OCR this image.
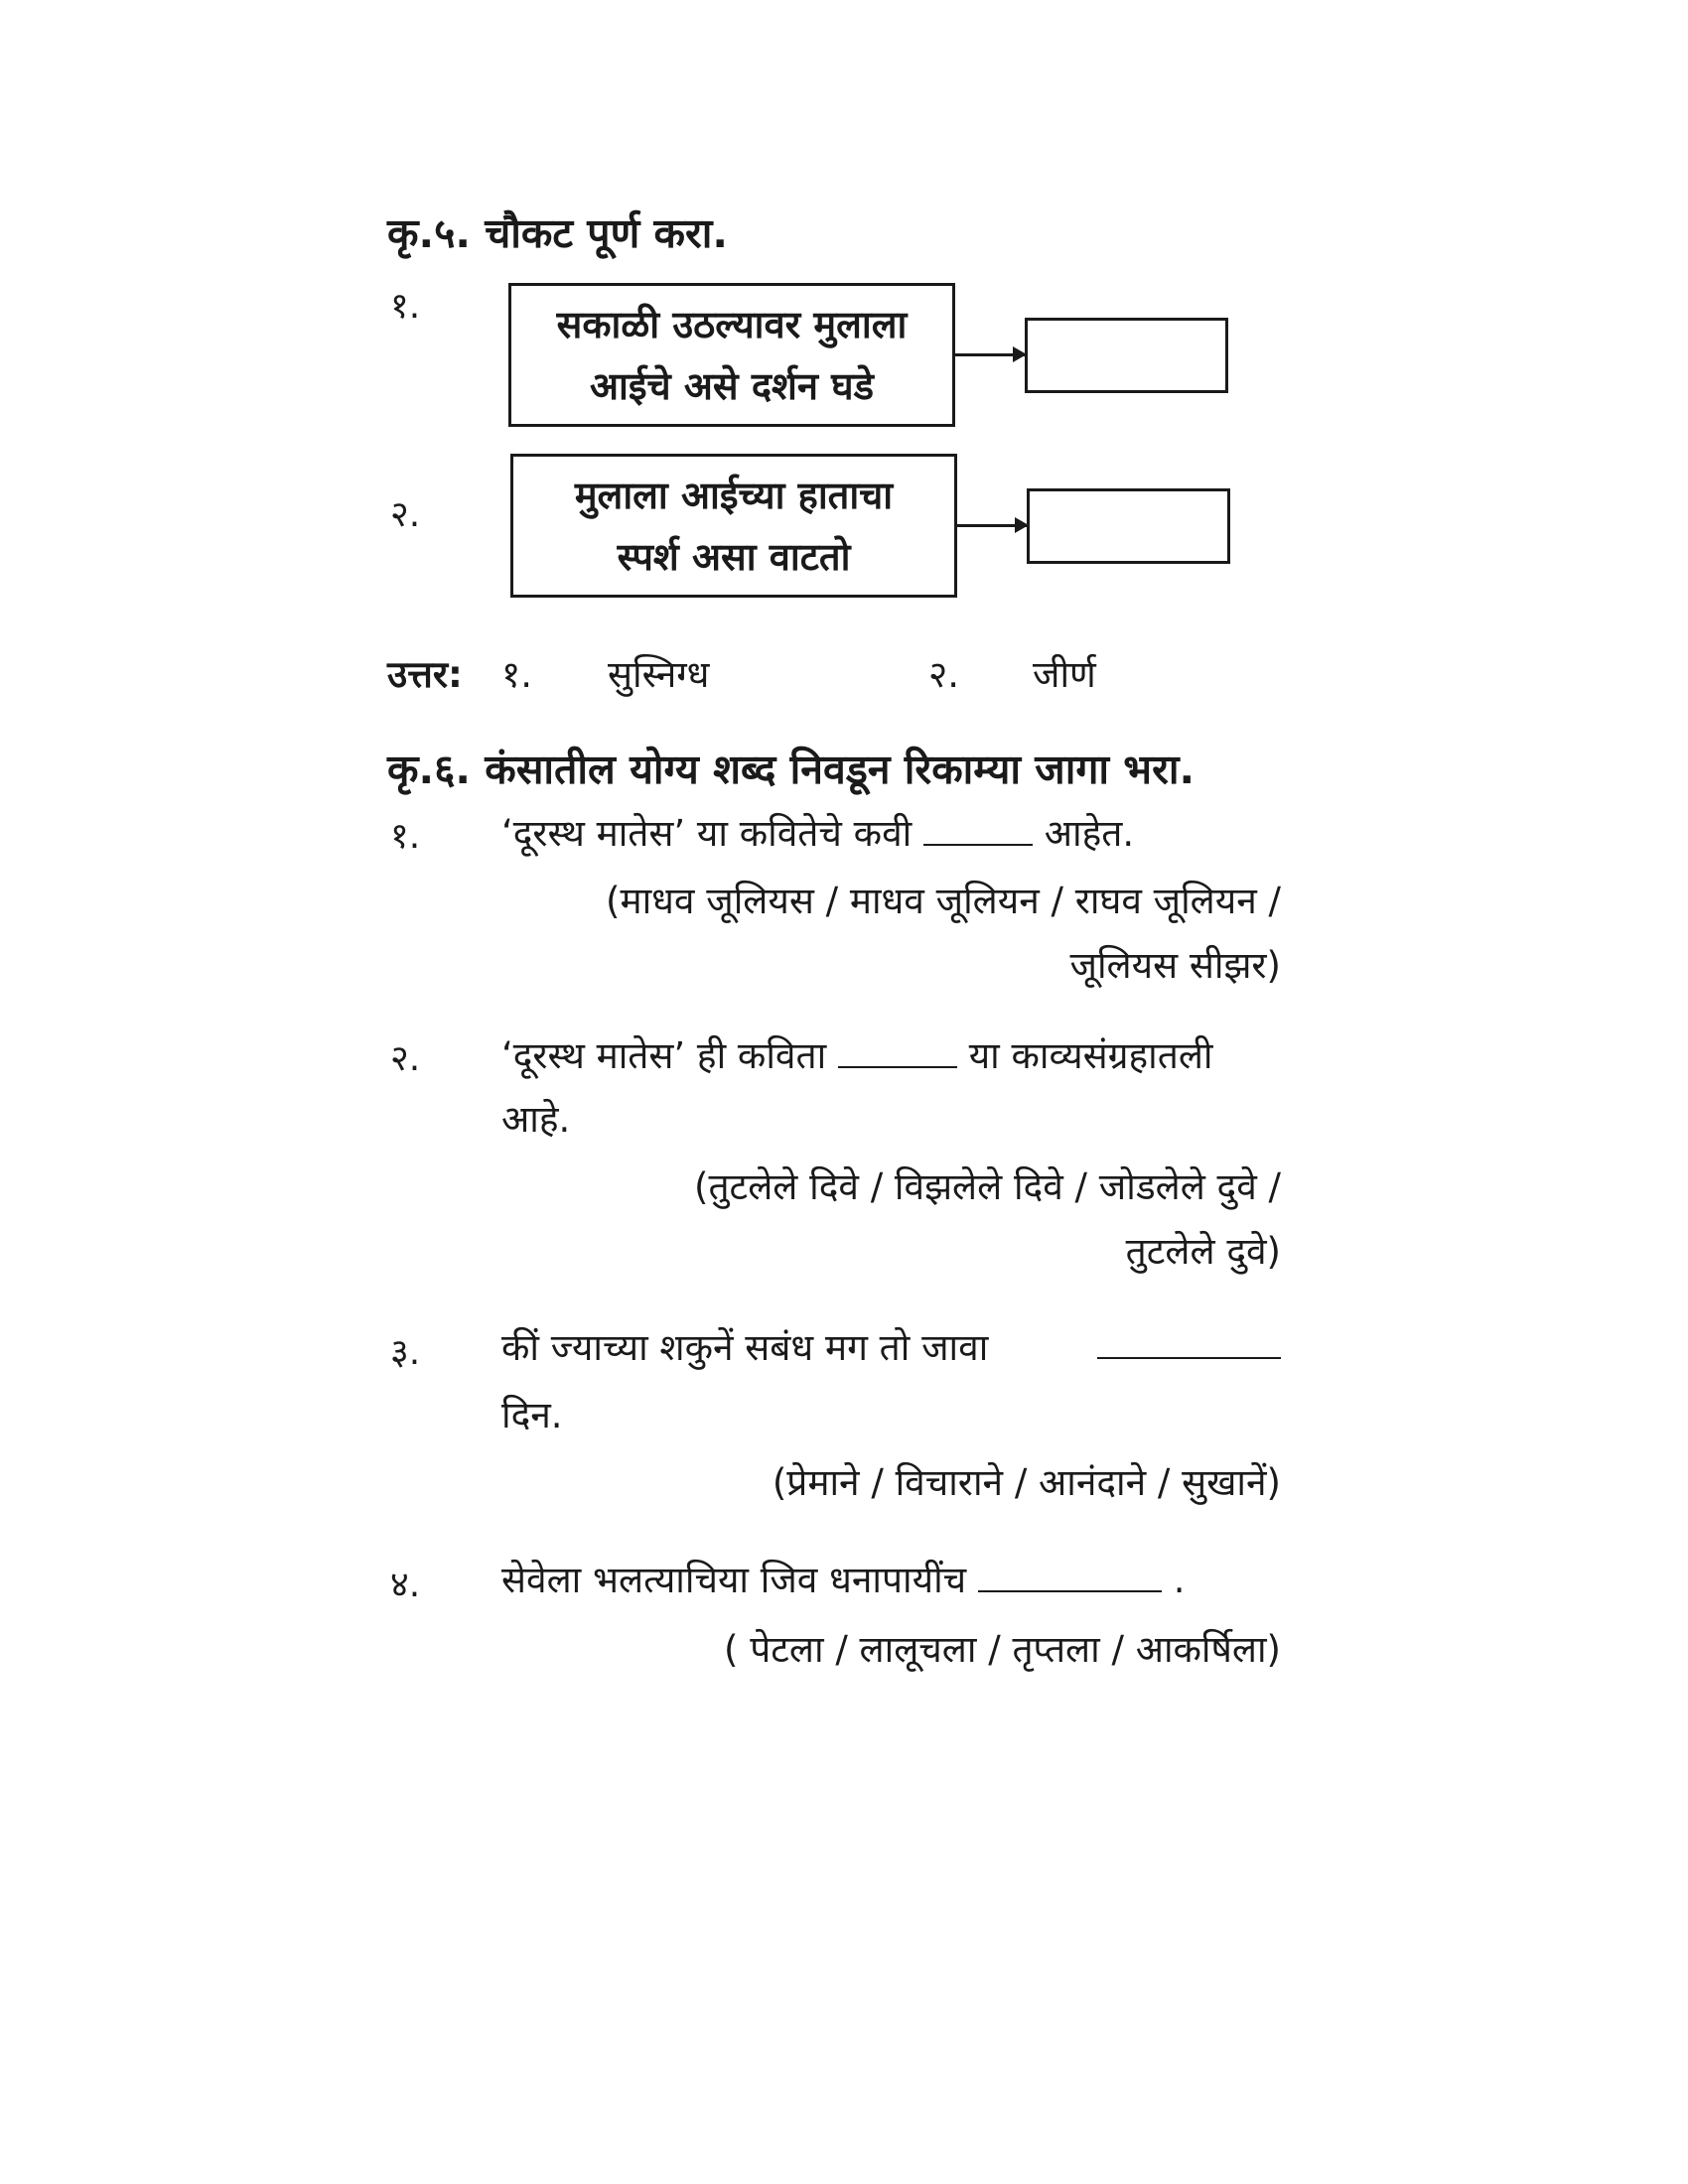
कृ.५. चौकट पूर्ण करा.
१.	सकाळी उठल्यावर मुलाला
आईचे असे दर्शन घडे
२.	मुलाला आईच्या हाताचा
स्पर्श असा वाटतो
उत्तर: १. सुस्निग्ध	२. जीर्ण
कृ.६. कंसातील योग्य शब्द निवडून रिकाम्या जागा भरा.
१. ‘दूरस्थ मातेस’ या कवितेचे कवी	आहेत.
(माधव जूलियस / माधव जूलियन / राघव जूलियन /
जूलियस सीझर)
२. ‘दूरस्थ मातेस’ ही कविता	या काव्यसंग्रहातली
आहे.
(तुटलेले दिवे / विझलेले दिवे / जोडलेले दुवे /
तुटलेले दुवे)
३. कीं ज्याच्या शकुनें सबंध मग तो जावा
दिन.
(प्रेमाने / विचाराने / आनंदाने / सुखानें)
४. सेवेला भलत्याचिया जिव धनापायींच	.
( पेटला / लालूचला / तृप्तला / आकर्षिला)
